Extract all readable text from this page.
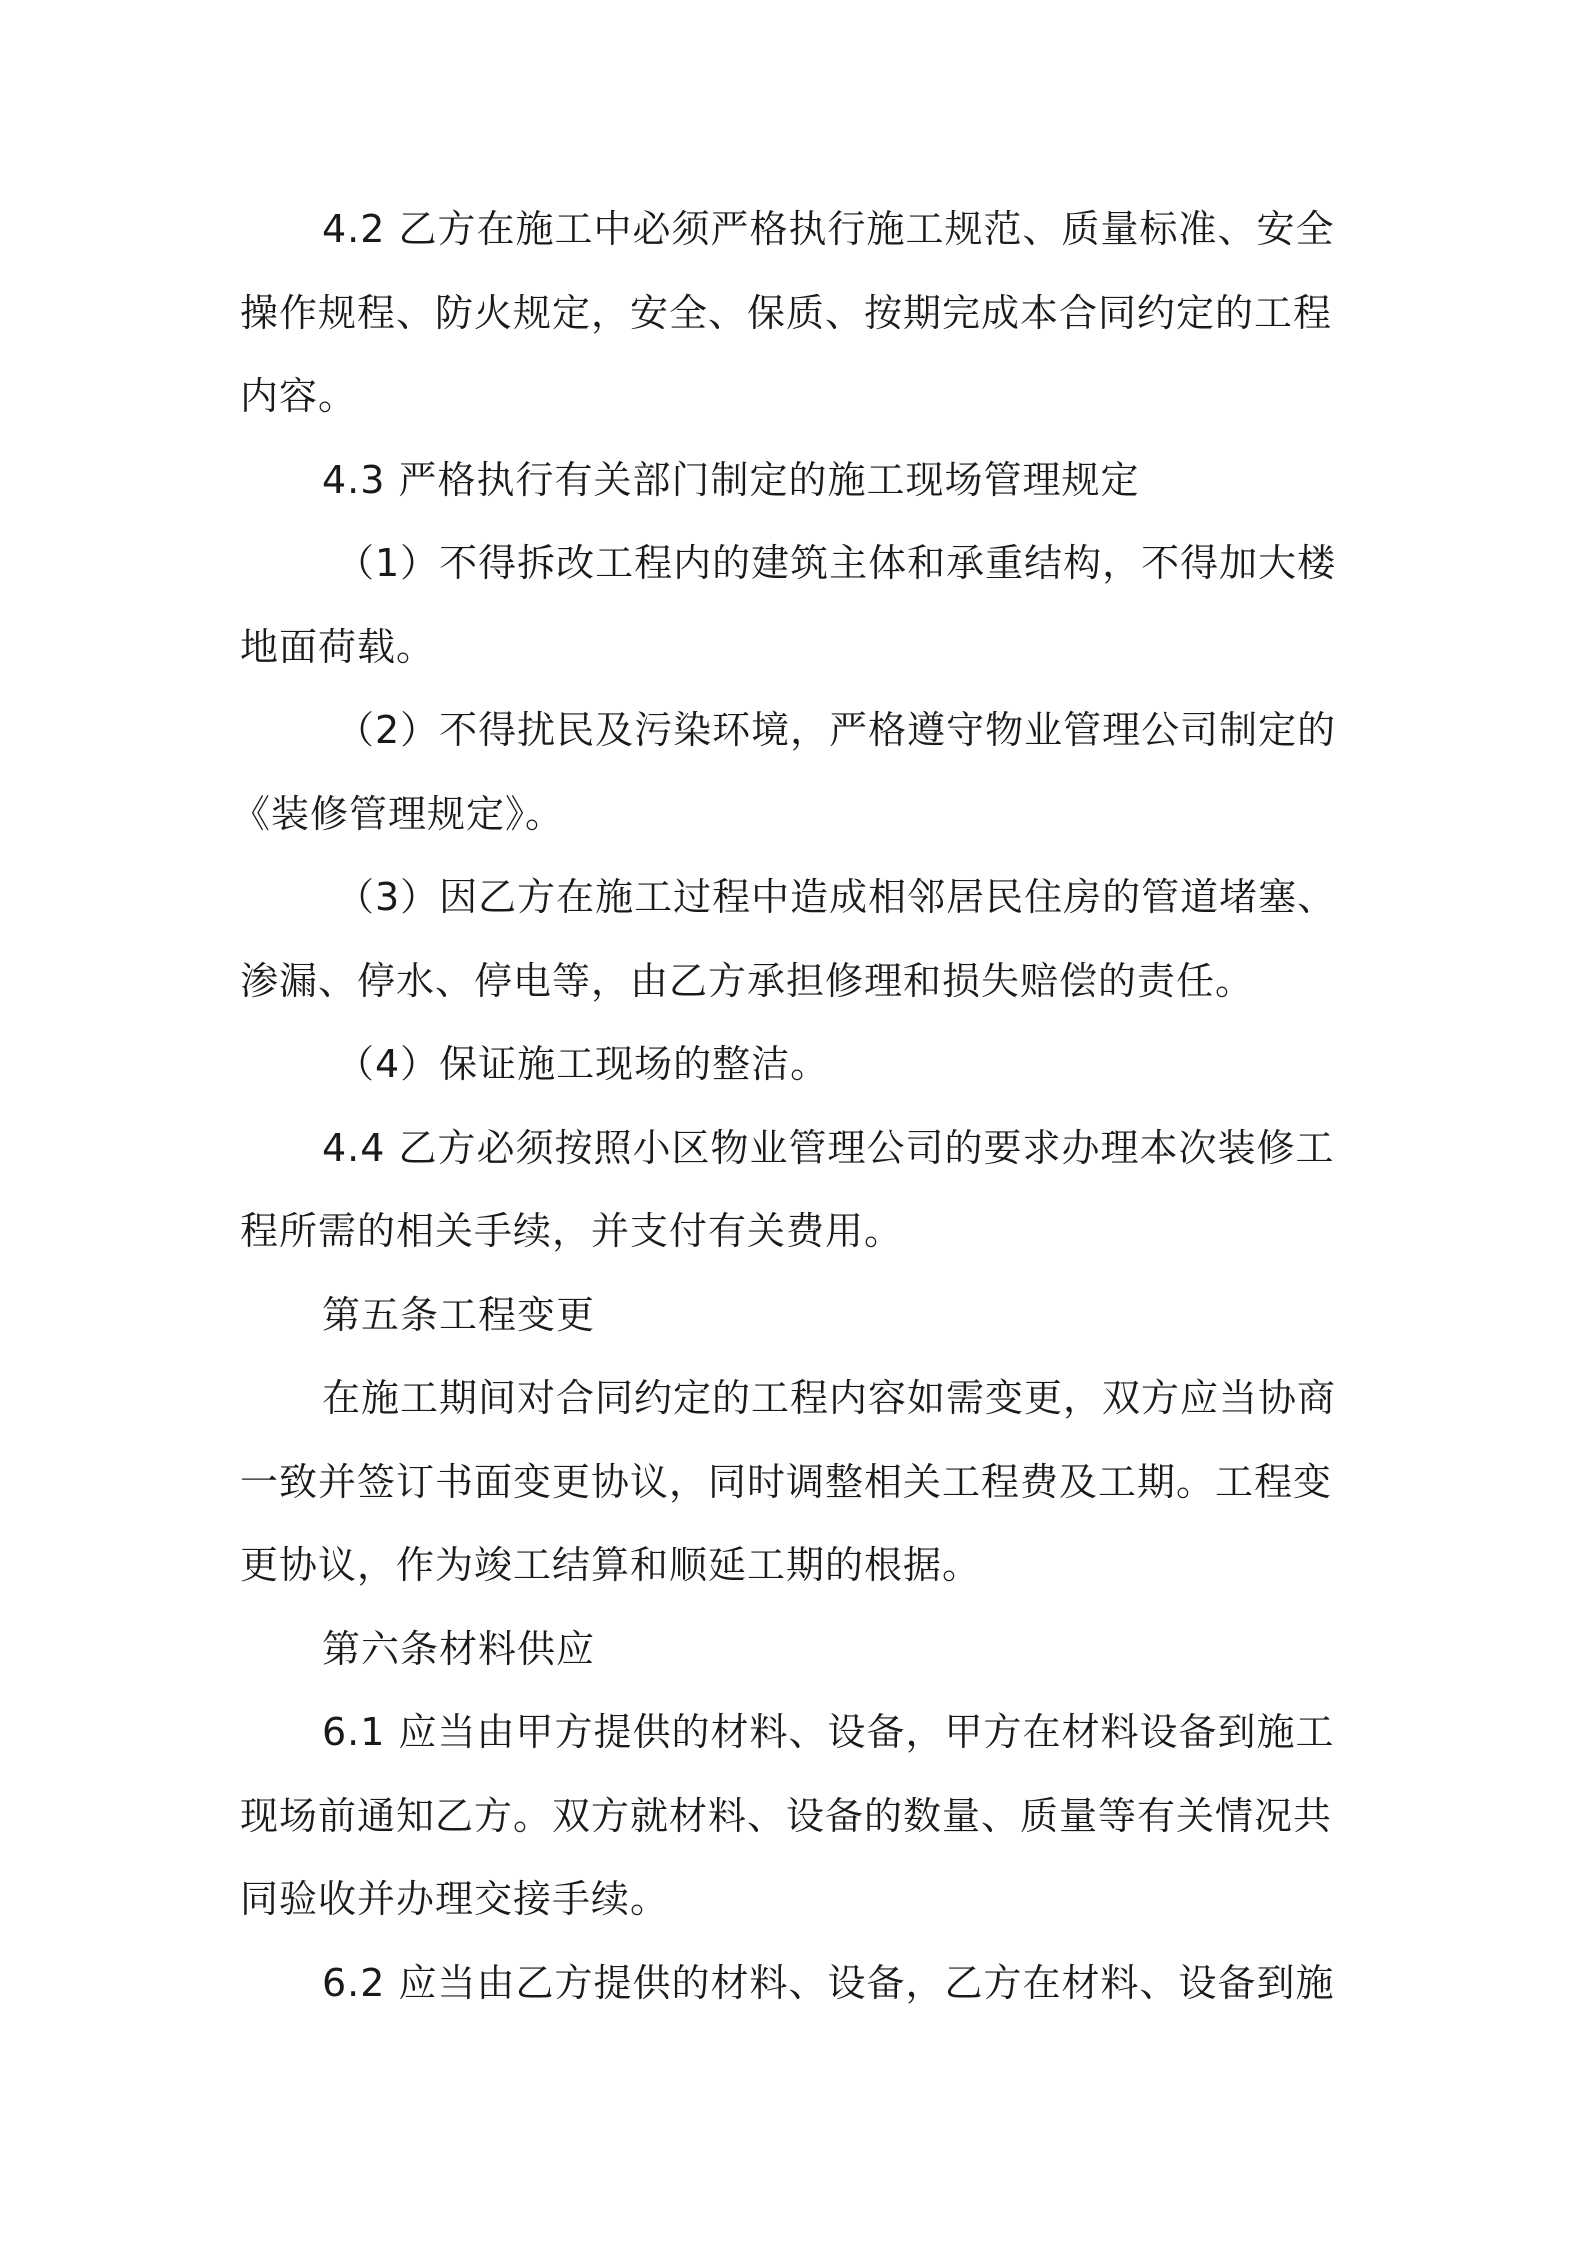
4.2 乙方在施工中必须严格执行施工规范、质量标准、安全
操作规程、防火规定，安全、保质、按期完成本合同约定的工程
内容。
4.3 严格执行有关部门制定的施工现场管理规定
（1）不得拆改工程内的建筑主体和承重结构，不得加大楼
地面荷载。
（2）不得扰民及污染环境，严格遵守物业管理公司制定的
《装修管理规定》。
（3）因乙方在施工过程中造成相邻居民住房的管道堵塞、
渗漏、停水、停电等，由乙方承担修理和损失赔偿的责任。
（4）保证施工现场的整洁。
4.4 乙方必须按照小区物业管理公司的要求办理本次装修工
程所需的相关手续，并支付有关费用。
第五条工程变更
在施工期间对合同约定的工程内容如需变更，双方应当协商
一致并签订书面变更协议，同时调整相关工程费及工期。工程变
更协议，作为竣工结算和顺延工期的根据。
第六条材料供应
6.1 应当由甲方提供的材料、设备，甲方在材料设备到施工
现场前通知乙方。双方就材料、设备的数量、质量等有关情况共
同验收并办理交接手续。
6.2 应当由乙方提供的材料、设备，乙方在材料、设备到施
